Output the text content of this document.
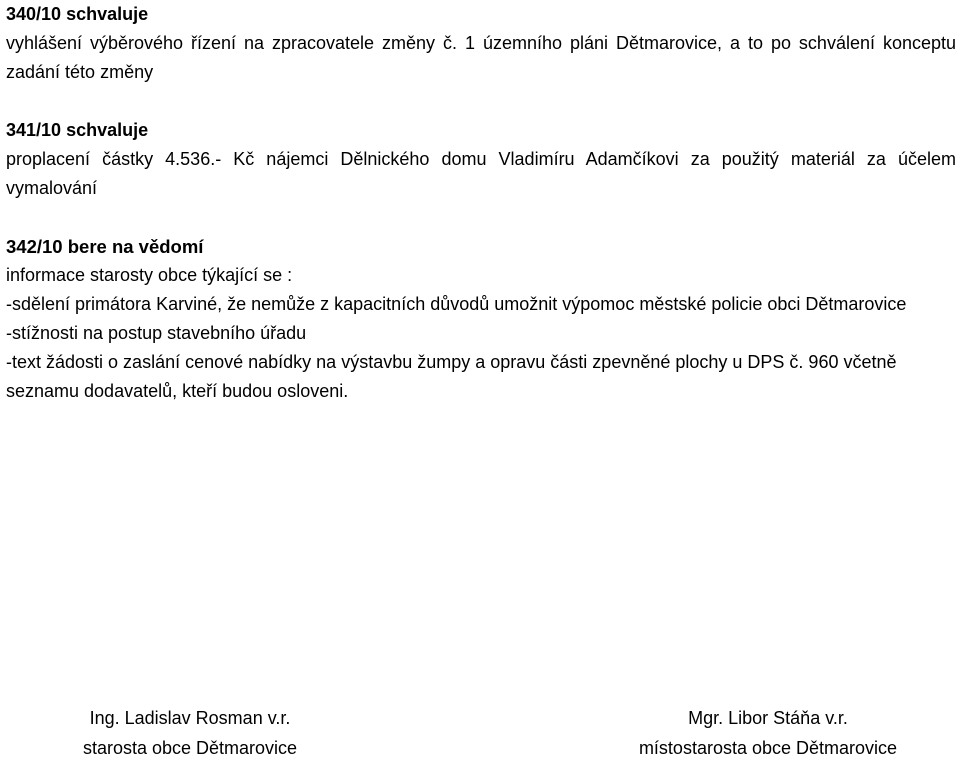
340/10 schvaluje

vyhlášení výběrového řízení na zpracovatele změny č. 1 územního pláni Dětmarovice, a to po schválení konceptu zadání této změny

341/10 schvaluje

proplacení částky 4.536.- Kč nájemci Dělnického domu Vladimíru Adamčíkovi za použitý materiál za účelem vymalování

342/10 bere na vědomí

informace starosty obce týkající se :

-sdělení primátora Karviné, že nemůže z kapacitních důvodů umožnit výpomoc městské policie obci Dětmarovice

-stížnosti na postup stavebního úřadu

-text žádosti o zaslání cenové nabídky na výstavbu žumpy a opravu části zpevněné plochy u DPS č. 960 včetně seznamu dodavatelů, kteří budou osloveni.

Ing. Ladislav Rosman v.r.
starosta obce Dětmarovice
Mgr. Libor Stáňa v.r.
místostarosta obce Dětmarovice
